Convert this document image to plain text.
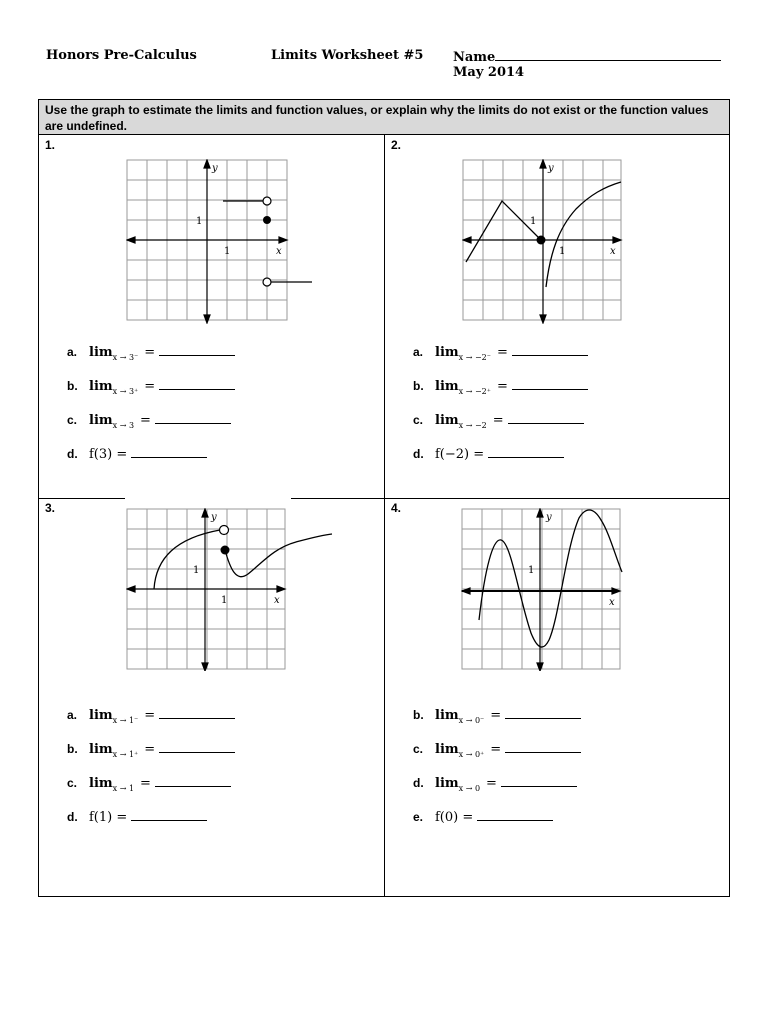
Honors Pre-Calculus	Limits Worksheet #5 Name
May 2014
Use the graph to estimate the limits and function values, or explain why the limits do not exist or the function values are undefined.
1.	2.
3.	4.
y
x
1
1
y
x
1
1
y
x
1
1
y
x
1
a. $\lim_{x \to 3^-}$ =
b. $\lim_{x \to 3^+}$ =
c. $\lim_{x \to 3}$ =
d. f(3) =
a. $\lim_{x \to -2^-}$ =
b. $\lim_{x \to -2^+}$ =
c. $\lim_{x \to -2}$ =
d. f(−2) =
a. $\lim_{x \to 1^-}$ =
b. $\lim_{x \to 1^+}$ =
c. $\lim_{x \to 1}$ =
d. f(1) =
b. $\lim_{x \to 0^-}$ =
c. $\lim_{x \to 0^+}$ =
d. $\lim_{x \to 0}$ =
e. f(0) =
